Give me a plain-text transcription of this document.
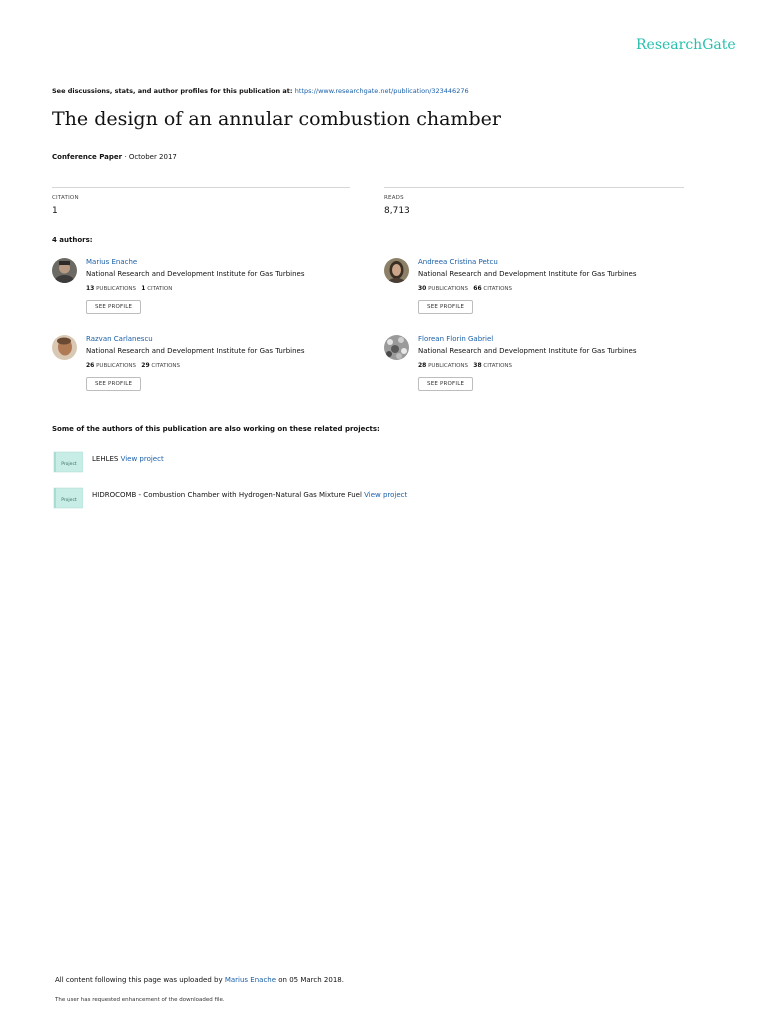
ResearchGate
See discussions, stats, and author profiles for this publication at: https://www.researchgate.net/publication/323446276
The design of an annular combustion chamber
Conference Paper · October 2017
CITATION
1
READS
8,713
4 authors:
Marius Enache
National Research and Development Institute for Gas Turbines
13 PUBLICATIONS 1 CITATION
SEE PROFILE
Andreea Cristina Petcu
National Research and Development Institute for Gas Turbines
30 PUBLICATIONS 66 CITATIONS
SEE PROFILE
Razvan Carlanescu
National Research and Development Institute for Gas Turbines
26 PUBLICATIONS 29 CITATIONS
SEE PROFILE
Florean Florin Gabriel
National Research and Development Institute for Gas Turbines
28 PUBLICATIONS 38 CITATIONS
SEE PROFILE
Some of the authors of this publication are also working on these related projects:
Project
LEHLES View project
Project
HIDROCOMB - Combustion Chamber with Hydrogen-Natural Gas Mixture Fuel View project
All content following this page was uploaded by Marius Enache on 05 March 2018.
The user has requested enhancement of the downloaded file.
